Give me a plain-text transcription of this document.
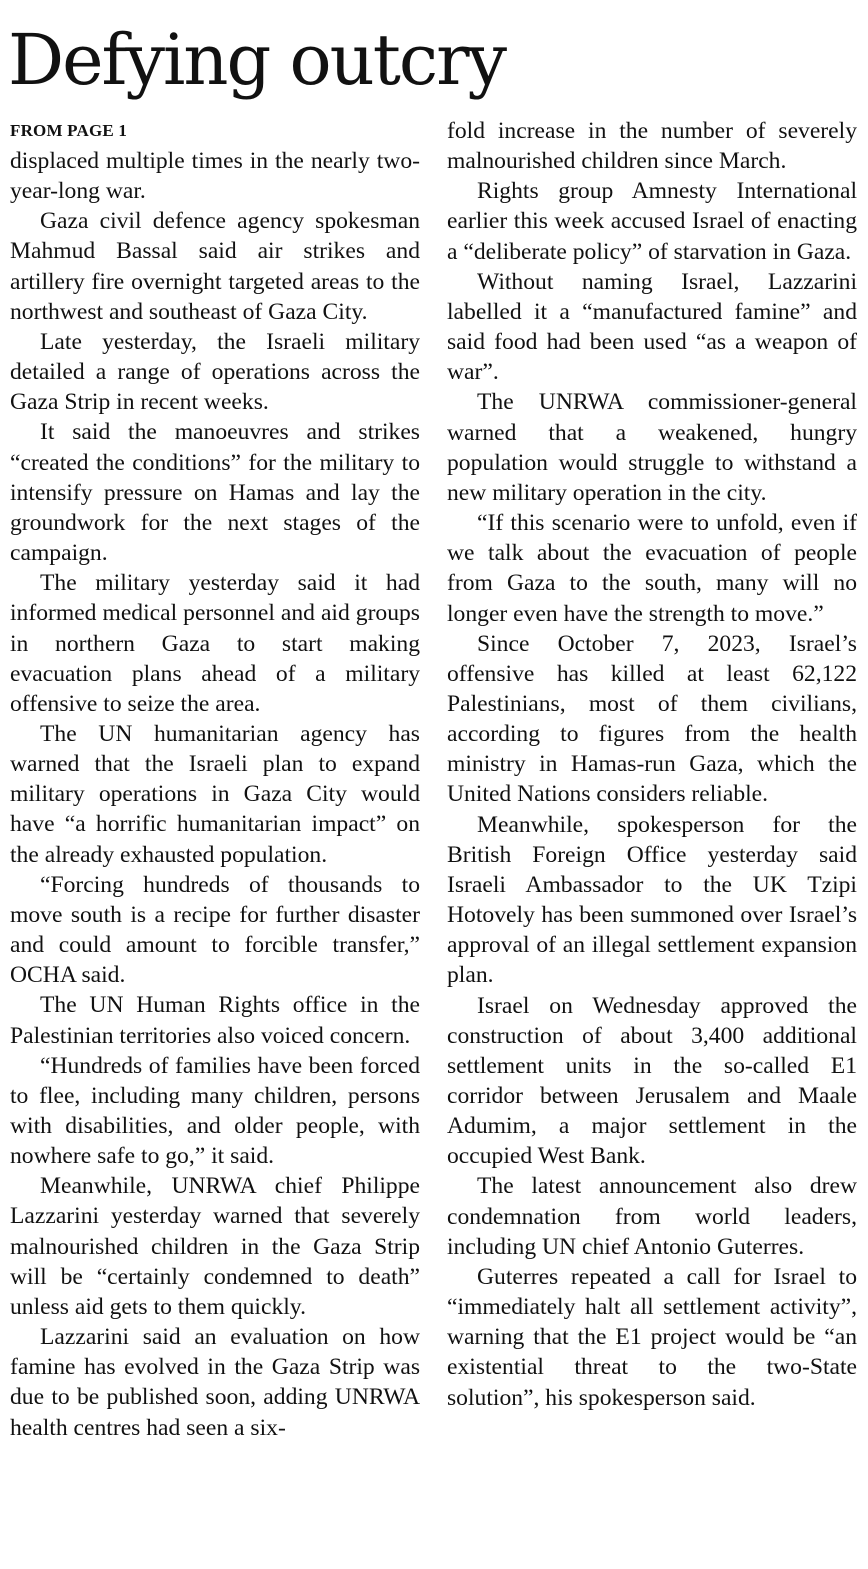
Defying outcry
FROM PAGE 1

displaced multiple times in the nearly two-year-long war.

Gaza civil defence agency spokesman Mahmud Bassal said air strikes and artillery fire overnight targeted areas to the northwest and southeast of Gaza City.

Late yesterday, the Israeli military detailed a range of operations across the Gaza Strip in recent weeks.

It said the manoeuvres and strikes “created the conditions” for the military to intensify pressure on Hamas and lay the groundwork for the next stages of the campaign.

The military yesterday said it had informed medical personnel and aid groups in northern Gaza to start making evacuation plans ahead of a military offensive to seize the area.

The UN humanitarian agency has warned that the Israeli plan to expand military operations in Gaza City would have “a horrific humanitarian impact” on the already exhausted population.

“Forcing hundreds of thousands to move south is a recipe for further disaster and could amount to forcible transfer,” OCHA said.

The UN Human Rights office in the Palestinian territories also voiced concern.

“Hundreds of families have been forced to flee, including many children, persons with disabilities, and older people, with nowhere safe to go,” it said.

Meanwhile, UNRWA chief Philippe Lazzarini yesterday warned that severely malnourished children in the Gaza Strip will be “certainly condemned to death” unless aid gets to them quickly.

Lazzarini said an evaluation on how famine has evolved in the Gaza Strip was due to be published soon, adding UNRWA health centres had seen a six-

fold increase in the number of severely malnourished children since March.

Rights group Amnesty International earlier this week accused Israel of enacting a “deliberate policy” of starvation in Gaza.

Without naming Israel, Lazzarini labelled it a “manufactured famine” and said food had been used “as a weapon of war”.

The UNRWA commissioner-general warned that a weakened, hungry population would struggle to withstand a new military operation in the city.

“If this scenario were to unfold, even if we talk about the evacuation of people from Gaza to the south, many will no longer even have the strength to move.”

Since October 7, 2023, Israel’s offensive has killed at least 62,122 Palestinians, most of them civilians, according to figures from the health ministry in Hamas-run Gaza, which the United Nations considers reliable.

Meanwhile, spokesperson for the British Foreign Office yesterday said Israeli Ambassador to the UK Tzipi Hotovely has been summoned over Israel’s approval of an illegal settlement expansion plan.

Israel on Wednesday approved the construction of about 3,400 additional settlement units in the so-called E1 corridor between Jerusalem and Maale Adumim, a major settlement in the occupied West Bank.

The latest announcement also drew condemnation from world leaders, including UN chief Antonio Guterres.

Guterres repeated a call for Israel to “immediately halt all settlement activity”, warning that the E1 project would be “an existential threat to the two-State solution”, his spokesperson said.
